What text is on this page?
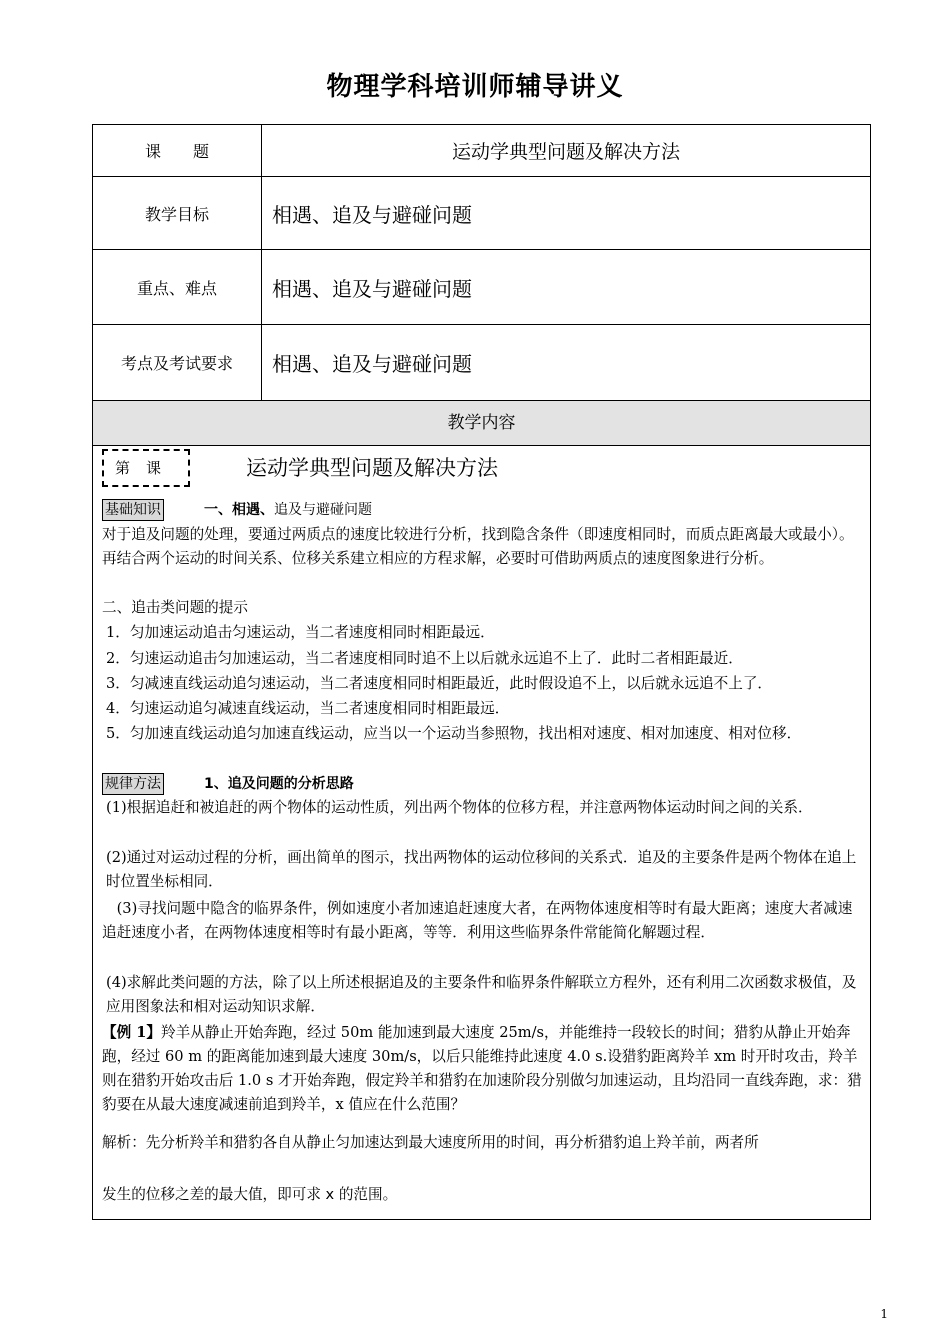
物理学科培训师辅导讲义
课　　题	运动学典型问题及解决方法
教学目标	相遇、追及与避碰问题
重点、难点	相遇、追及与避碰问题
考点及考试要求	相遇、追及与避碰问题
教学内容
第课	运动学典型问题及解决方法
基础知识	一、相遇、追及与避碰问题
对于追及问题的处理，要通过两质点的速度比较进行分析，找到隐含条件（即速度相同时，而质点距离最大或最小）。再结合两个运动的时间关系、位移关系建立相应的方程求解，必要时可借助两质点的速度图象进行分析。
二、追击类问题的提示
1．匀加速运动追击匀速运动，当二者速度相同时相距最远．
2．匀速运动追击匀加速运动，当二者速度相同时追不上以后就永远追不上了．此时二者相距最近．
3．匀减速直线运动追匀速运动，当二者速度相同时相距最近，此时假设追不上，以后就永远追不上了．
4．匀速运动追匀减速直线运动，当二者速度相同时相距最远．
5．匀加速直线运动追匀加速直线运动，应当以一个运动当参照物，找出相对速度、相对加速度、相对位移．
规律方法	1、追及问题的分析思路
(1)根据追赶和被追赶的两个物体的运动性质，列出两个物体的位移方程，并注意两物体运动时间之间的关系．
(2)通过对运动过程的分析，画出简单的图示，找出两物体的运动位移间的关系式．追及的主要条件是两个物体在追上时位置坐标相同．
　(3)寻找问题中隐含的临界条件，例如速度小者加速追赶速度大者，在两物体速度相等时有最大距离；速度大者减速追赶速度小者，在两物体速度相等时有最小距离，等等．利用这些临界条件常能简化解题过程．
(4)求解此类问题的方法，除了以上所述根据追及的主要条件和临界条件解联立方程外，还有利用二次函数求极值，及应用图象法和相对运动知识求解．
【例 1】羚羊从静止开始奔跑，经过 50m 能加速到最大速度 25m/s，并能维持一段较长的时间；猎豹从静止开始奔跑，经过 60 m 的距离能加速到最大速度 30m/s，以后只能维持此速度 4.0 s.设猎豹距离羚羊 xm 时开时攻击，羚羊则在猎豹开始攻击后 1.0 s 才开始奔跑，假定羚羊和猎豹在加速阶段分别做匀加速运动，且均沿同一直线奔跑，求：猎豹要在从最大速度减速前追到羚羊，x 值应在什么范围？
解析：先分析羚羊和猎豹各自从静止匀加速达到最大速度所用的时间，再分析猎豹追上羚羊前，两者所
发生的位移之差的最大值，即可求 x 的范围。
1
